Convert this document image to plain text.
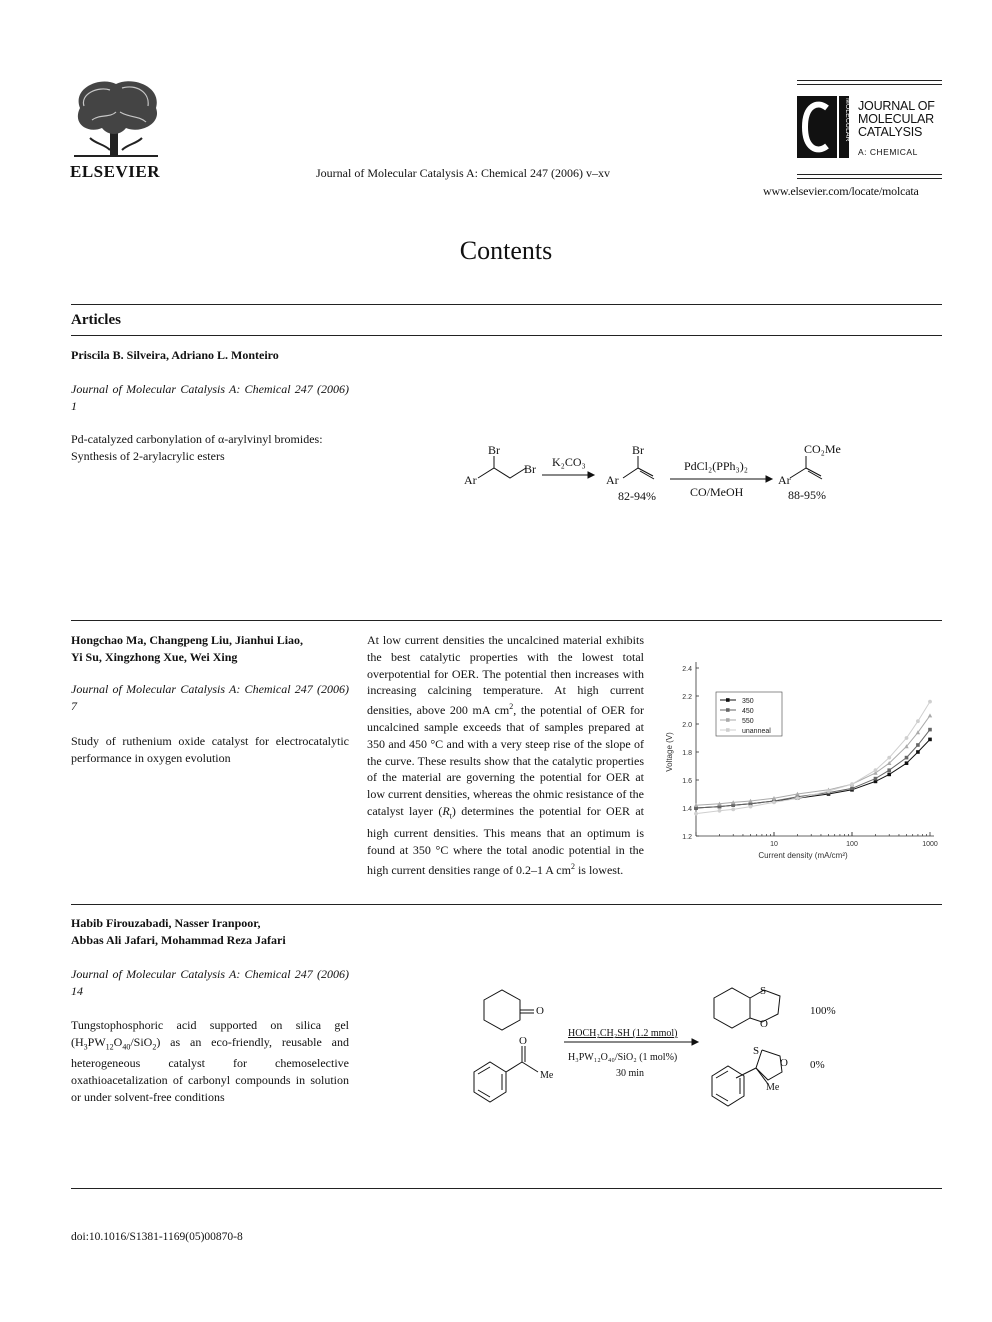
ELSEVIER	Journal of Molecular Catalysis A: Chemical 247 (2006) v–xv
MOLECULAR JOURNAL OF
MOLECULAR
CATALYSIS
A: CHEMICAL
www.elsevier.com/locate/molcata
Contents
Articles
Priscila B. Silveira, Adriano L. Monteiro
Journal of Molecular Catalysis A: Chemical 247 (2006) 1
Pd-catalyzed carbonylation of α-arylvinyl bromides: Synthesis of 2-arylacrylic esters	Br
Br
Ar
K₂CO₃
Br
Ar
82-94%
PdCl₂(PPh₃)₂
CO/MeOH
CO₂Me
Ar
88-95%
Hongchao Ma, Changpeng Liu, Jianhui Liao,
Yi Su, Xingzhong Xue, Wei Xing
Journal of Molecular Catalysis A: Chemical 247 (2006) 7
Study of ruthenium oxide catalyst for electrocatalytic performance in oxygen evolution
At low current densities the uncalcined material exhibits the best catalytic properties with the lowest total overpotential for OER. The potential then increases with increasing calcining temperature. At high current densities, above 200 mA $cm^2$, the potential of OER for uncalcined sample exceeds that of samples prepared at 350 and 450 °C and with a very steep rise of the slope of the curve. These results show that the catalytic properties of the material are governing the potential for OER at low current densities, whereas the ohmic resistance of the catalyst layer $(R_t)$ determines the potential for OER at high current densities. This means that an optimum is found at 350 °C where the total anodic potential in the high current densities range of 0.2–1 A $cm^2$ is lowest.
1.2
1.4
1.6
1.8
2.0
2.2
2.4
10	100	1000
Current density (mA/cm²)
Voltage (V)
350
450
550
unanneal
Habib Firouzabadi, Nasser Iranpoor,
Abbas Ali Jafari, Mohammad Reza Jafari
Journal of Molecular Catalysis A: Chemical 247 (2006) 14
Tungstophosphoric acid supported on silica gel $(H_3PW_{12}O_{40}/SiO_2)$ as an eco-friendly, reusable and heterogeneous catalyst for chemoselective oxathioacetalization of carbonyl compounds in solution or under solvent-free conditions
O
O
Me
HOCH₂CH₂SH (1.2 mmol)
H₃PW₁₂O₄₀/SiO₂ (1 mol%)
30 min
S
O
S
O
Me
100%
0%
doi:10.1016/S1381-1169(05)00870-8
